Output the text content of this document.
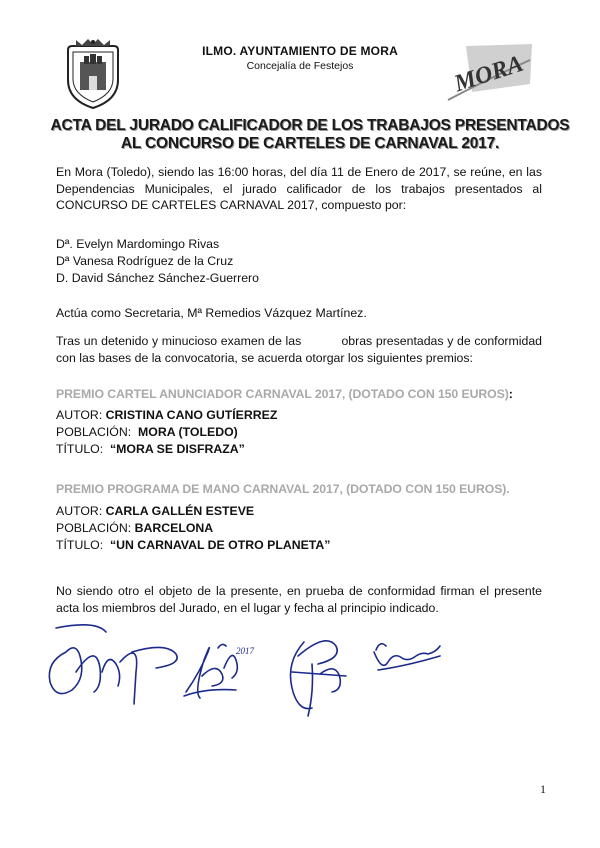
ILMO. AYUNTAMIENTO DE MORA
Concejalía de Festejos	MORA
ACTA DEL JURADO CALIFICADOR DE LOS TRABAJOS PRESENTADOS
AL CONCURSO DE CARTELES DE CARNAVAL 2017.
En Mora (Toledo), siendo las 16:00 horas, del día 11 de Enero de 2017, se reúne, en las Dependencias Municipales, el jurado calificador de los trabajos presentados al CONCURSO DE CARTELES CARNAVAL 2017, compuesto por:
Dª. Evelyn Mardomingo Rivas
Dª Vanesa Rodríguez de la Cruz
D. David Sánchez Sánchez-Guerrero
Actúa como Secretaria, Mª Remedios Vázquez Martínez.
Tras un detenido y minucioso examen de las           obras presentadas y de conformidad con las bases de la convocatoria, se acuerda otorgar los siguientes premios:
PREMIO CARTEL ANUNCIADOR CARNAVAL 2017, (DOTADO CON 150 EUROS):
AUTOR: CRISTINA CANO GUTÍERREZ
POBLACIÓN:  MORA (TOLEDO)
TÍTULO:  “MORA SE DISFRAZA”
PREMIO PROGRAMA DE MANO CARNAVAL 2017, (DOTADO CON 150 EUROS).
AUTOR: CARLA GALLÉN ESTEVE
POBLACIÓN: BARCELONA
TÍTULO:  “UN CARNAVAL DE OTRO PLANETA”
No siendo otro el objeto de la presente, en prueba de conformidad firman el presente acta los miembros del Jurado, en el lugar y fecha al principio indicado.
2017
1
